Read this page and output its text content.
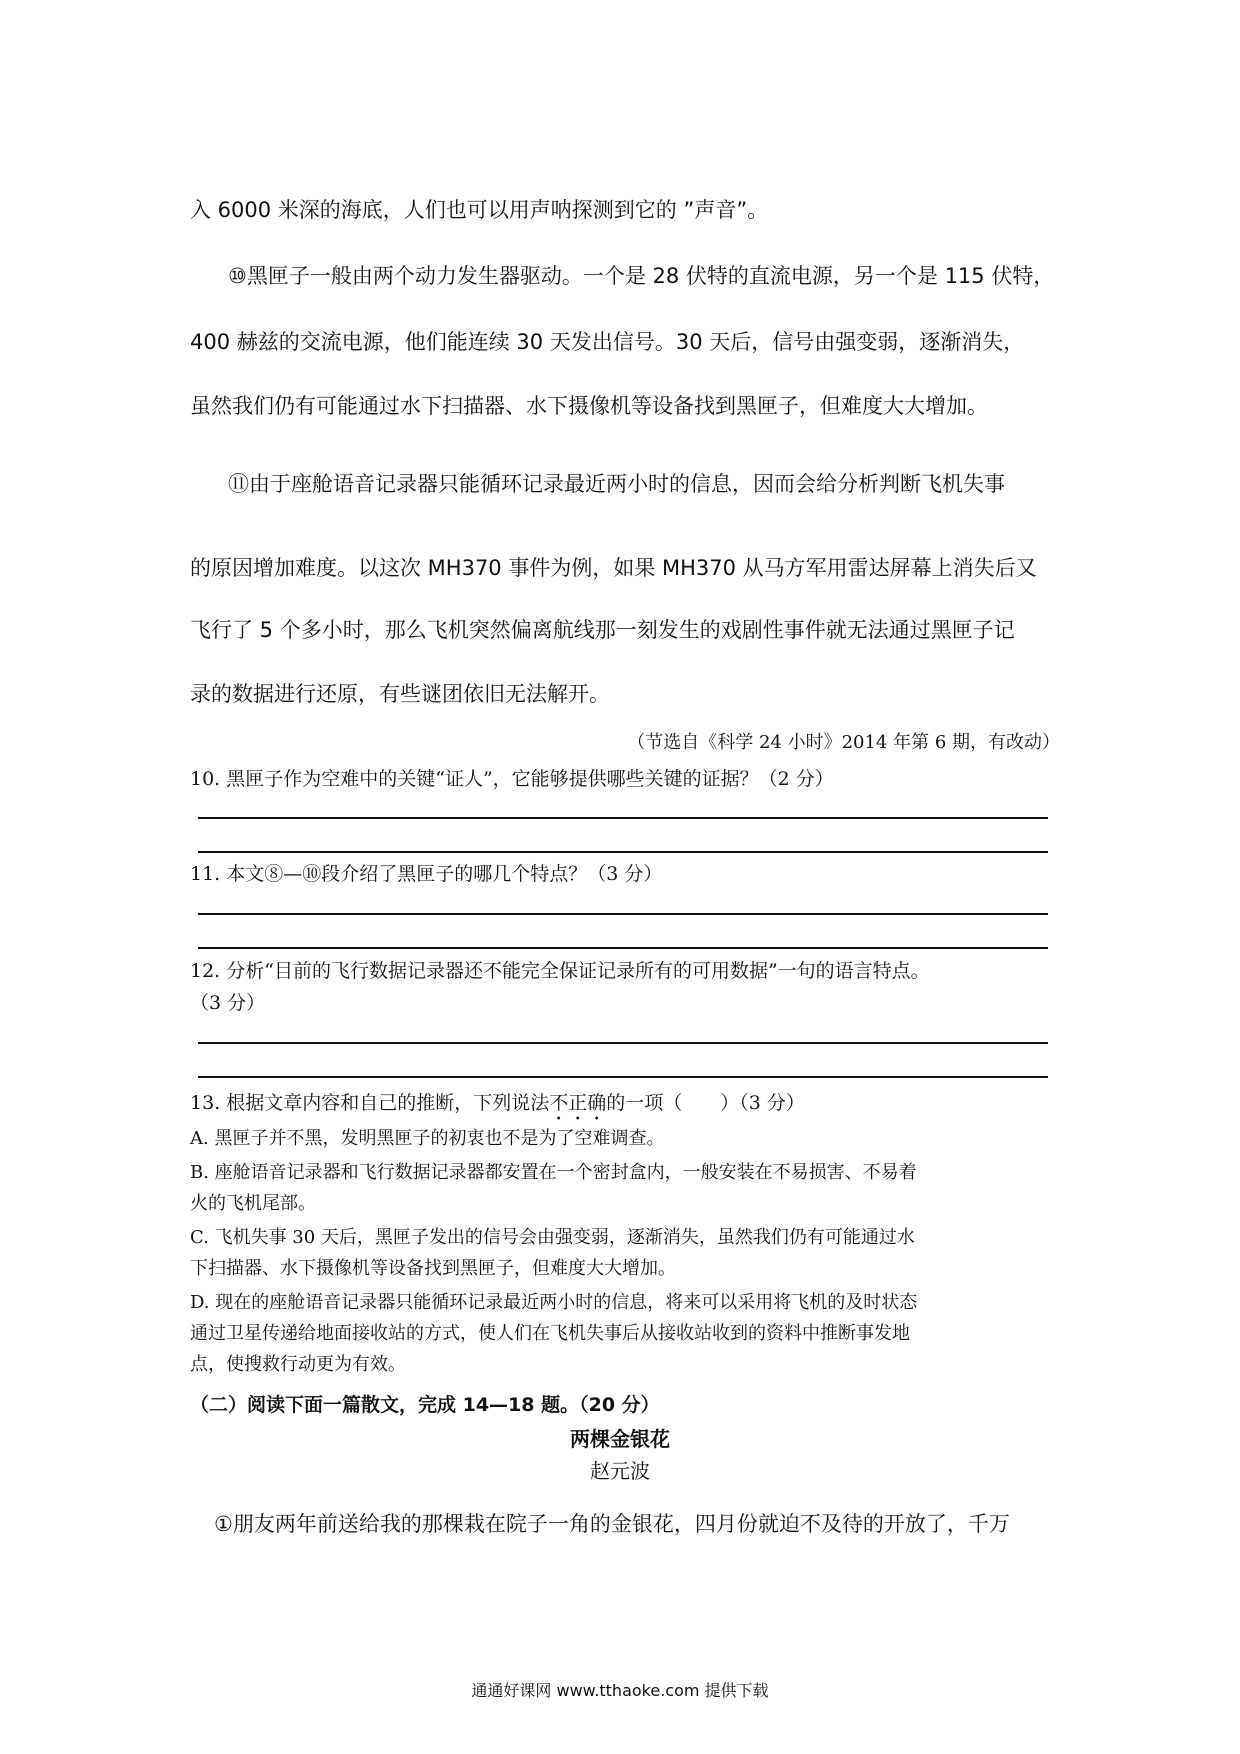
入 6000 米深的海底，人们也可以用声呐探测到它的 ”声音”。
⑩黑匣子一般由两个动力发生器驱动。一个是 28 伏特的直流电源，另一个是 115 伏特，
400 赫兹的交流电源，他们能连续 30 天发出信号。30 天后，信号由强变弱，逐渐消失，
虽然我们仍有可能通过水下扫描器、水下摄像机等设备找到黑匣子，但难度大大增加。
⑪由于座舱语音记录器只能循环记录最近两小时的信息，因而会给分析判断飞机失事
的原因增加难度。以这次 MH370 事件为例，如果 MH370 从马方军用雷达屏幕上消失后又
飞行了 5 个多小时，那么飞机突然偏离航线那一刻发生的戏剧性事件就无法通过黑匣子记
录的数据进行还原，有些谜团依旧无法解开。
（节选自《科学 24 小时》2014 年第 6 期，有改动）
10. 黑匣子作为空难中的关键“证人”，它能够提供哪些关键的证据？（2 分）
11. 本文⑧—⑩段介绍了黑匣子的哪几个特点？（3 分）
12. 分析“目前的飞行数据记录器还不能完全保证记录所有的可用数据”一句的语言特点。
（3 分）
13. 根据文章内容和自己的推断，下列说法不正确的一项（　　）（3 分）
A. 黑匣子并不黑，发明黑匣子的初衷也不是为了空难调查。
B. 座舱语音记录器和飞行数据记录器都安置在一个密封盒内，一般安装在不易损害、不易着
火的飞机尾部。
C. 飞机失事 30 天后，黑匣子发出的信号会由强变弱，逐渐消失，虽然我们仍有可能通过水
下扫描器、水下摄像机等设备找到黑匣子，但难度大大增加。
D. 现在的座舱语音记录器只能循环记录最近两小时的信息，将来可以采用将飞机的及时状态
通过卫星传递给地面接收站的方式，使人们在飞机失事后从接收站收到的资料中推断事发地
点，使搜救行动更为有效。
（二）阅读下面一篇散文，完成 14—18 题。（20 分）
两棵金银花
赵元波
①朋友两年前送给我的那棵栽在院子一角的金银花，四月份就迫不及待的开放了，千万
通通好课网 www.tthaoke.com 提供下载
